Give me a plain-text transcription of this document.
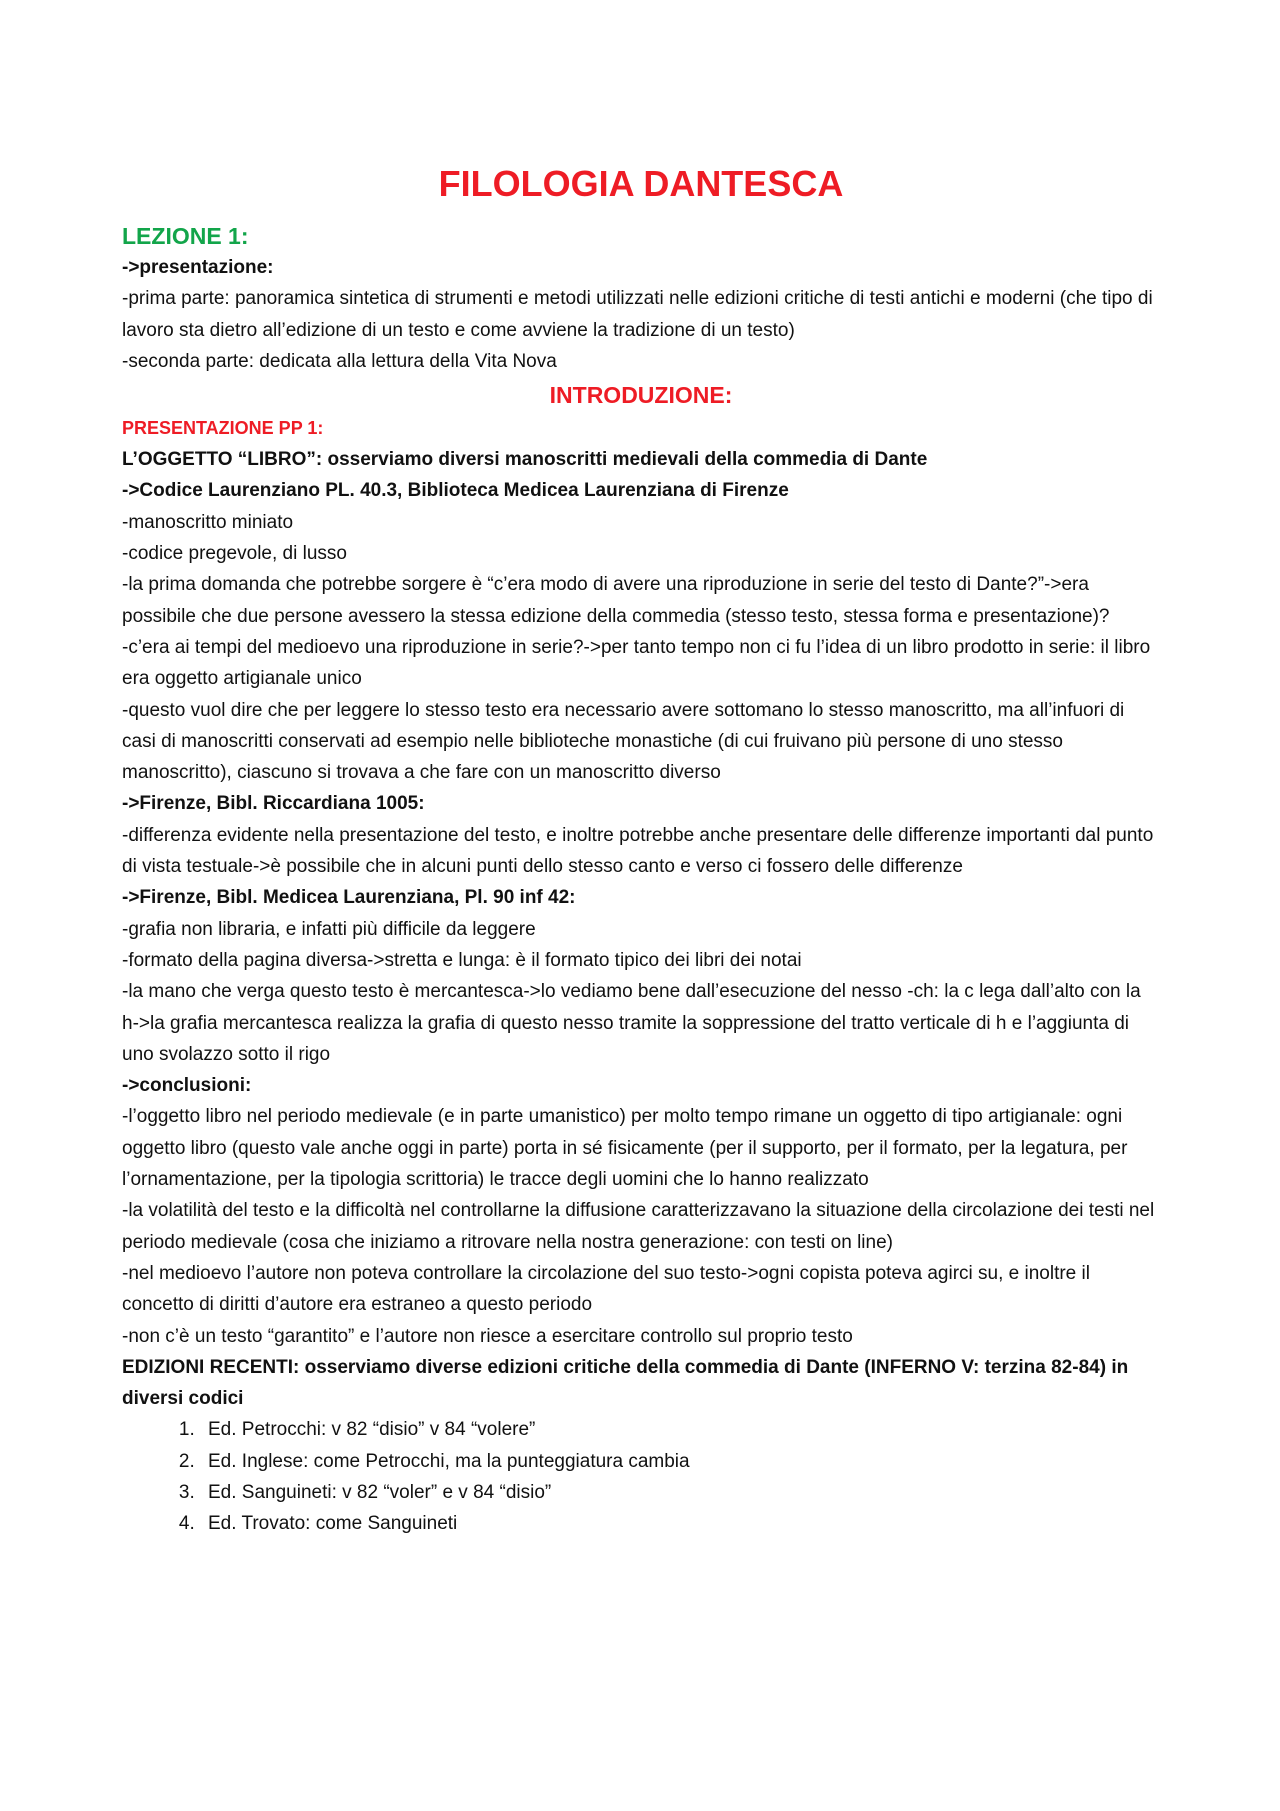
FILOLOGIA DANTESCA
LEZIONE 1:

->presentazione:

-prima parte: panoramica sintetica di strumenti e metodi utilizzati nelle edizioni critiche di testi antichi e moderni (che tipo di lavoro sta dietro all’edizione di un testo e come avviene la tradizione di un testo)

-seconda parte: dedicata alla lettura della Vita Nova

INTRODUZIONE:
PRESENTAZIONE PP 1:

L’OGGETTO “LIBRO”: osserviamo diversi manoscritti medievali della commedia di Dante

->Codice Laurenziano PL. 40.3, Biblioteca Medicea Laurenziana di Firenze

-manoscritto miniato

-codice pregevole, di lusso

-la prima domanda che potrebbe sorgere è “c’era modo di avere una riproduzione in serie del testo di Dante?”->era possibile che due persone avessero la stessa edizione della commedia (stesso testo, stessa forma e presentazione)?

-c’era ai tempi del medioevo una riproduzione in serie?->per tanto tempo non ci fu l’idea di un libro prodotto in serie: il libro era oggetto artigianale unico

-questo vuol dire che per leggere lo stesso testo era necessario avere sottomano lo stesso manoscritto, ma all’infuori di casi di manoscritti conservati ad esempio nelle biblioteche monastiche (di cui fruivano più persone di uno stesso manoscritto), ciascuno si trovava a che fare con un manoscritto diverso

->Firenze, Bibl. Riccardiana 1005:

-differenza evidente nella presentazione del testo, e inoltre potrebbe anche presentare delle differenze importanti dal punto di vista testuale->è possibile che in alcuni punti dello stesso canto e verso ci fossero delle differenze

->Firenze, Bibl. Medicea Laurenziana, Pl. 90 inf 42:

-grafia non libraria, e infatti più difficile da leggere

-formato della pagina diversa->stretta e lunga: è il formato tipico dei libri dei notai

-la mano che verga questo testo è mercantesca->lo vediamo bene dall’esecuzione del nesso -ch: la c lega dall’alto con la h->la grafia mercantesca realizza la grafia di questo nesso tramite la soppressione del tratto verticale di h e l’aggiunta di uno svolazzo sotto il rigo

->conclusioni:

-l’oggetto libro nel periodo medievale (e in parte umanistico) per molto tempo rimane un oggetto di tipo artigianale: ogni oggetto libro (questo vale anche oggi in parte) porta in sé fisicamente (per il supporto, per il formato, per la legatura, per l’ornamentazione, per la tipologia scrittoria) le tracce degli uomini che lo hanno realizzato

-la volatilità del testo e la difficoltà nel controllarne la diffusione caratterizzavano la situazione della circolazione dei testi nel periodo medievale (cosa che iniziamo a ritrovare nella nostra generazione: con testi on line)

-nel medioevo l’autore non poteva controllare la circolazione del suo testo->ogni copista poteva agirci su, e inoltre il concetto di diritti d’autore era estraneo a questo periodo

-non c’è un testo “garantito” e l’autore non riesce a esercitare controllo sul proprio testo

EDIZIONI RECENTI: osserviamo diverse edizioni critiche della commedia di Dante (INFERNO V: terzina 82-84) in diversi codici

1. Ed. Petrocchi: v 82 “disio” v 84 “volere”
2. Ed. Inglese: come Petrocchi, ma la punteggiatura cambia
3. Ed. Sanguineti: v 82 “voler” e v 84 “disio”
4. Ed. Trovato: come Sanguineti
